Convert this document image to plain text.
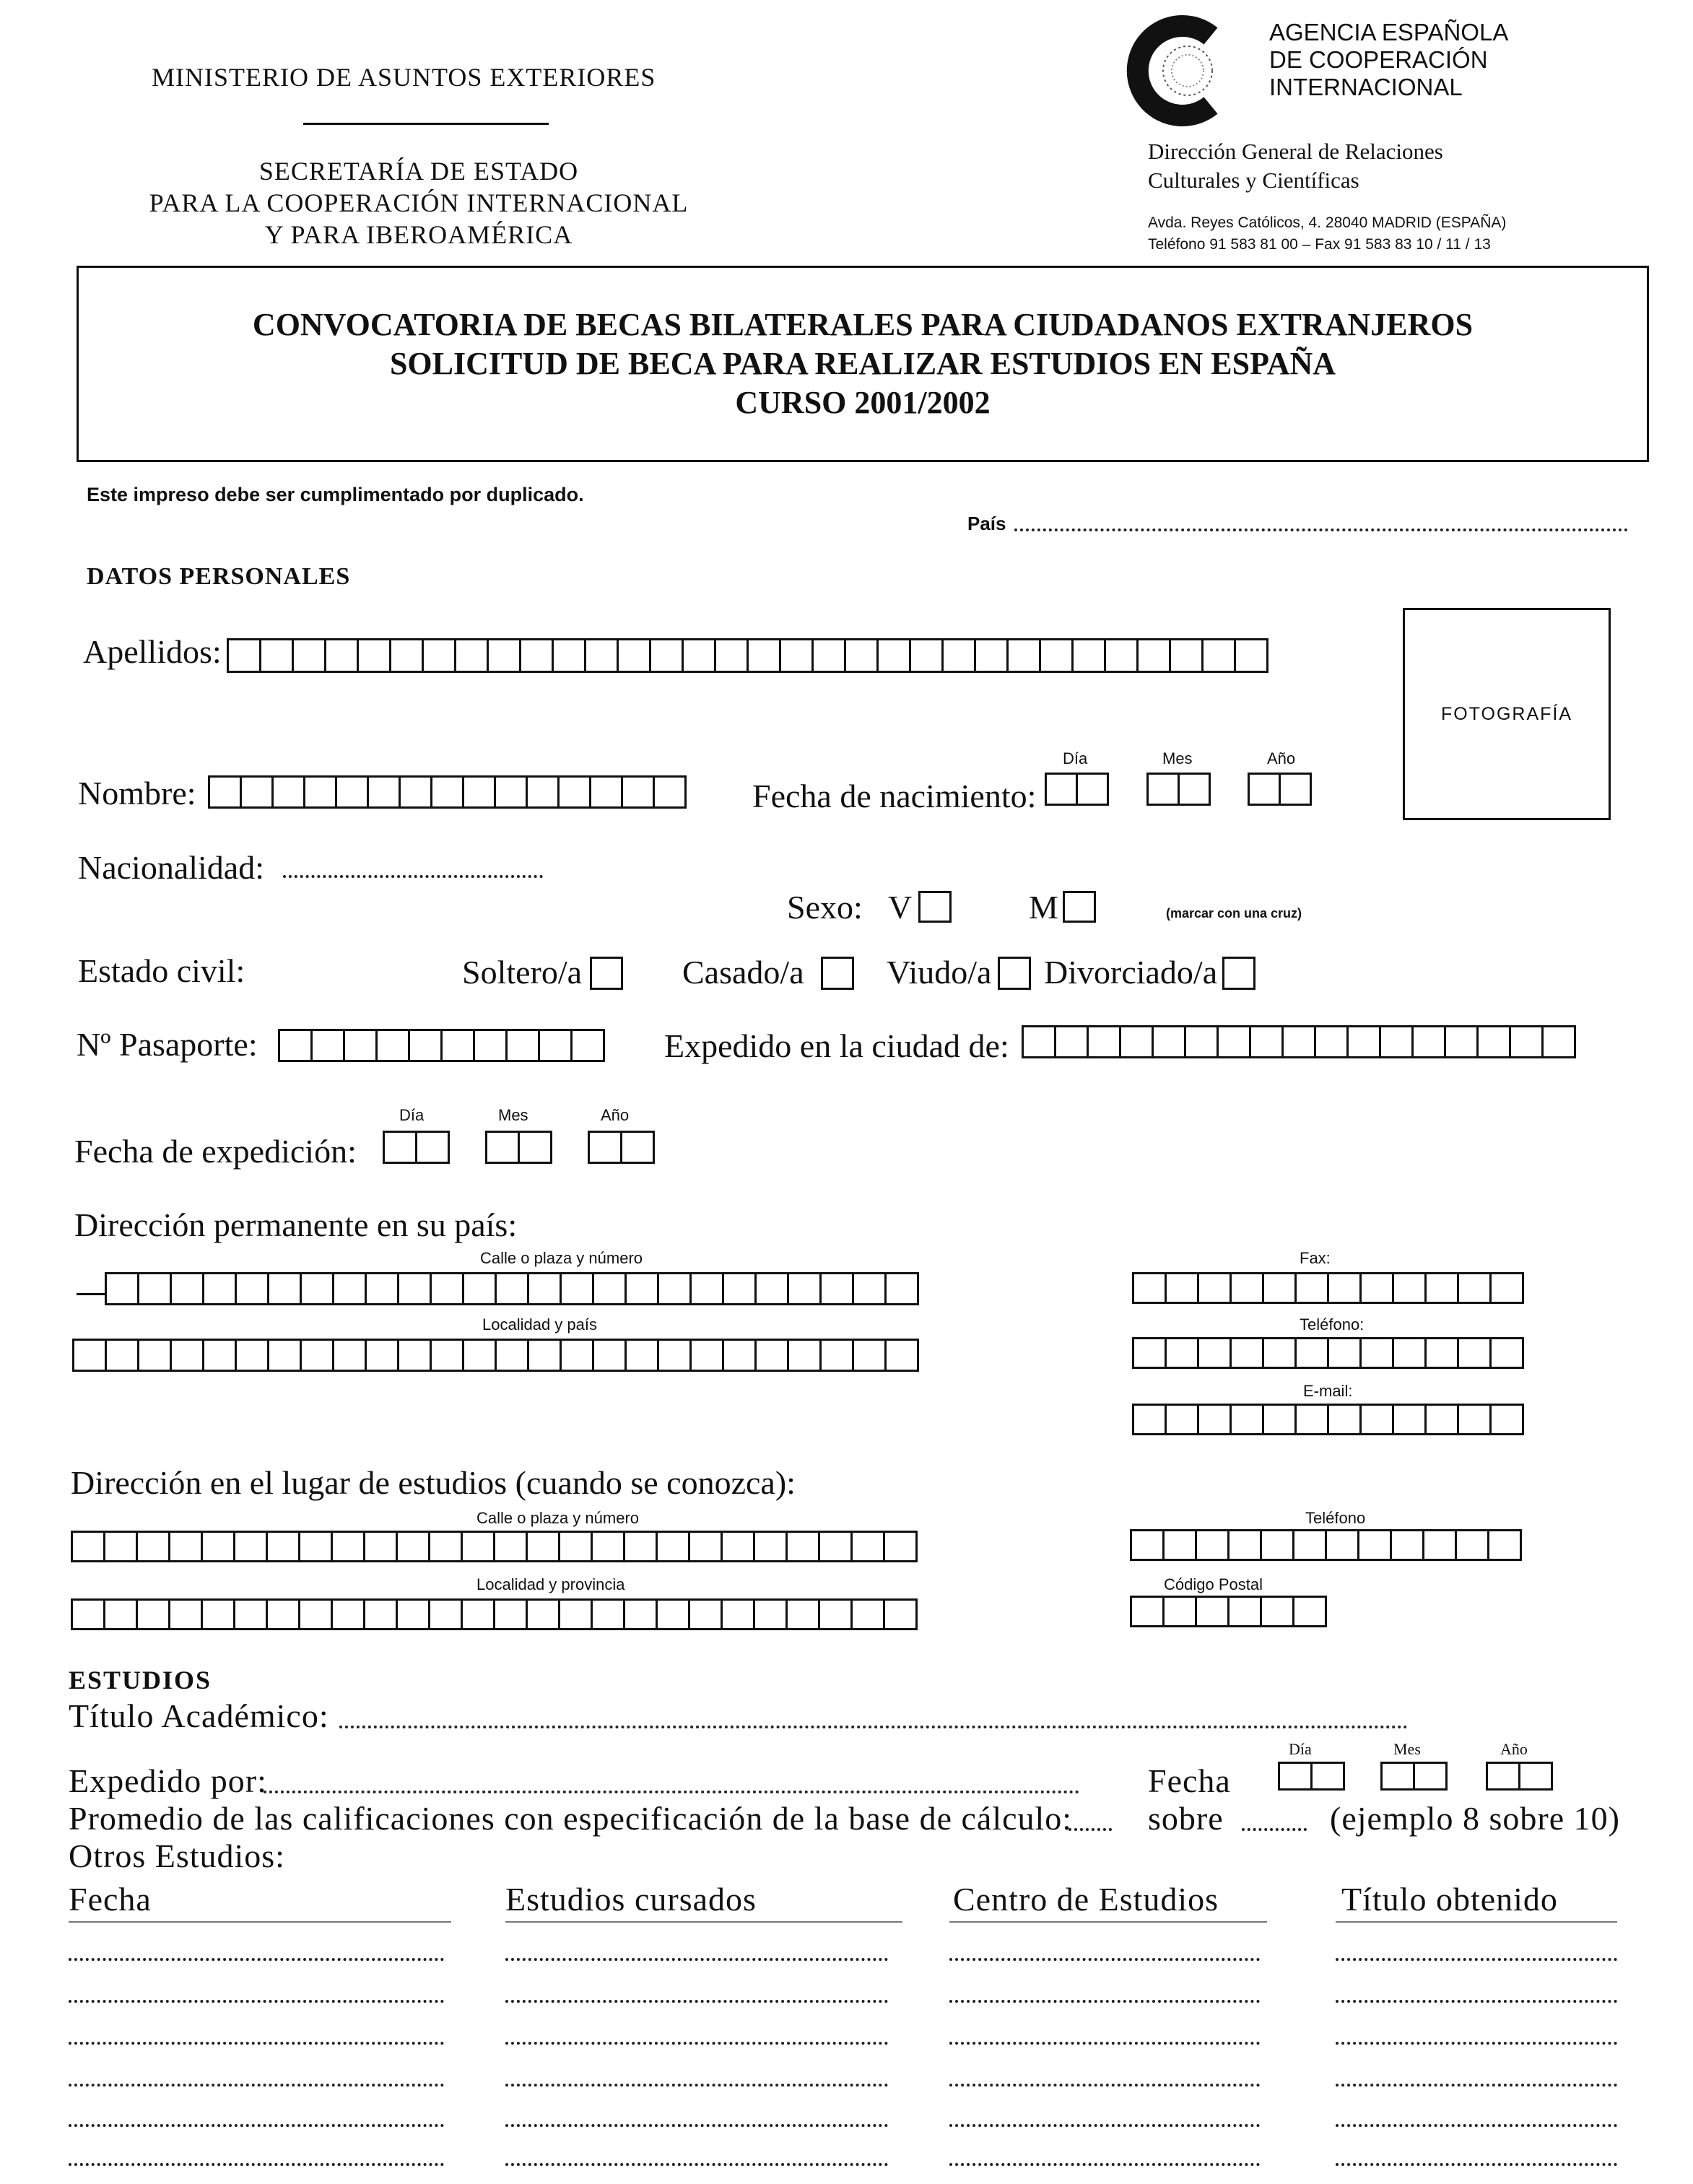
MINISTERIO DE ASUNTOS EXTERIORES
SECRETARÍA DE ESTADO
PARA LA COOPERACIÓN INTERNACIONAL
Y PARA IBEROAMÉRICA
AGENCIA ESPAÑOLA
DE COOPERACIÓN
INTERNACIONAL
Dirección General de Relaciones
Culturales y Científicas
Avda. Reyes Católicos, 4. 28040 MADRID (ESPAÑA)
Teléfono 91 583 81 00 – Fax 91 583 83 10 / 11 / 13
CONVOCATORIA DE BECAS BILATERALES PARA CIUDADANOS EXTRANJEROS
SOLICITUD DE BECA PARA REALIZAR ESTUDIOS EN ESPAÑA
CURSO 2001/2002
Este impreso debe ser cumplimentado por duplicado.
País
DATOS PERSONALES
Apellidos:
FOTOGRAFÍA
Nombre:	Fecha de nacimiento:
Día	Mes	Año
Nacionalidad:
Sexo: V	M	(marcar con una cruz)
Estado civil:	Soltero/a	Casado/a Viudo/a Divorciado/a
Nº Pasaporte:	Expedido en la ciudad de:
Día	Mes	Año
Fecha de expedición:
Dirección permanente en su país:
Calle o plaza y número
Localidad y país
Fax:
Teléfono:
E-mail:
Dirección en el lugar de estudios (cuando se conozca):
Calle o plaza y número
Localidad y provincia
Teléfono
Código Postal
ESTUDIOS
Título Académico:
Expedido por:	Fecha
Día	Mes	Año
Promedio de las calificaciones con especificación de la base de cálculo: sobre	(ejemplo 8 sobre 10)
Otros Estudios:
Fecha	Estudios cursados	Centro de Estudios	Título obtenido
